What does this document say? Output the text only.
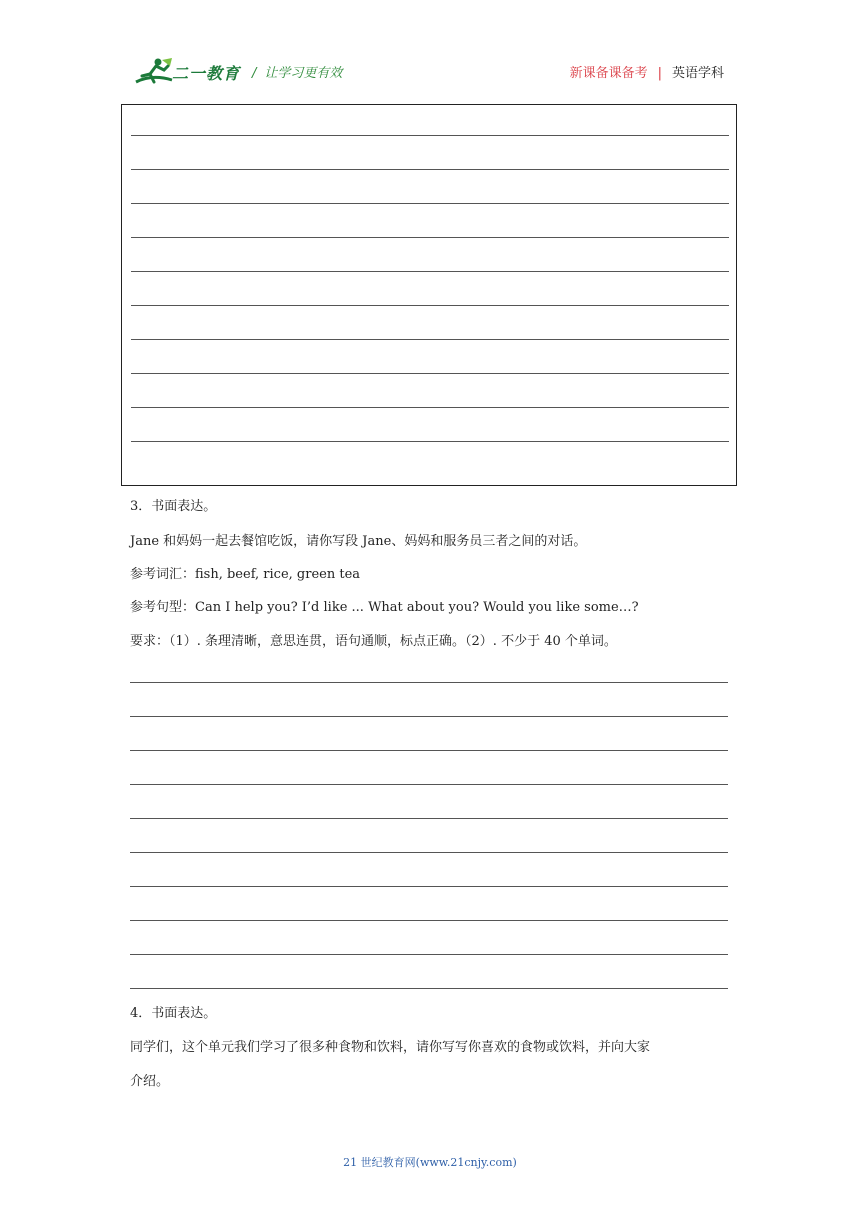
二一教育 / 让学习更有效	新课备课备考 | 英语学科
3．书面表达。
Jane 和妈妈一起去餐馆吃饭，请你写段 Jane、妈妈和服务员三者之间的对话。
参考词汇：fish, beef, rice, green tea
参考句型：Can I help you? I’d like ... What about you? Would you like some…?
要求：（1）. 条理清晰，意思连贯，语句通顺，标点正确。（2）. 不少于 40 个单词。
4．书面表达。
同学们，这个单元我们学习了很多种食物和饮料，请你写写你喜欢的食物或饮料，并向大家
介绍。
21 世纪教育网(www.21cnjy.com)
